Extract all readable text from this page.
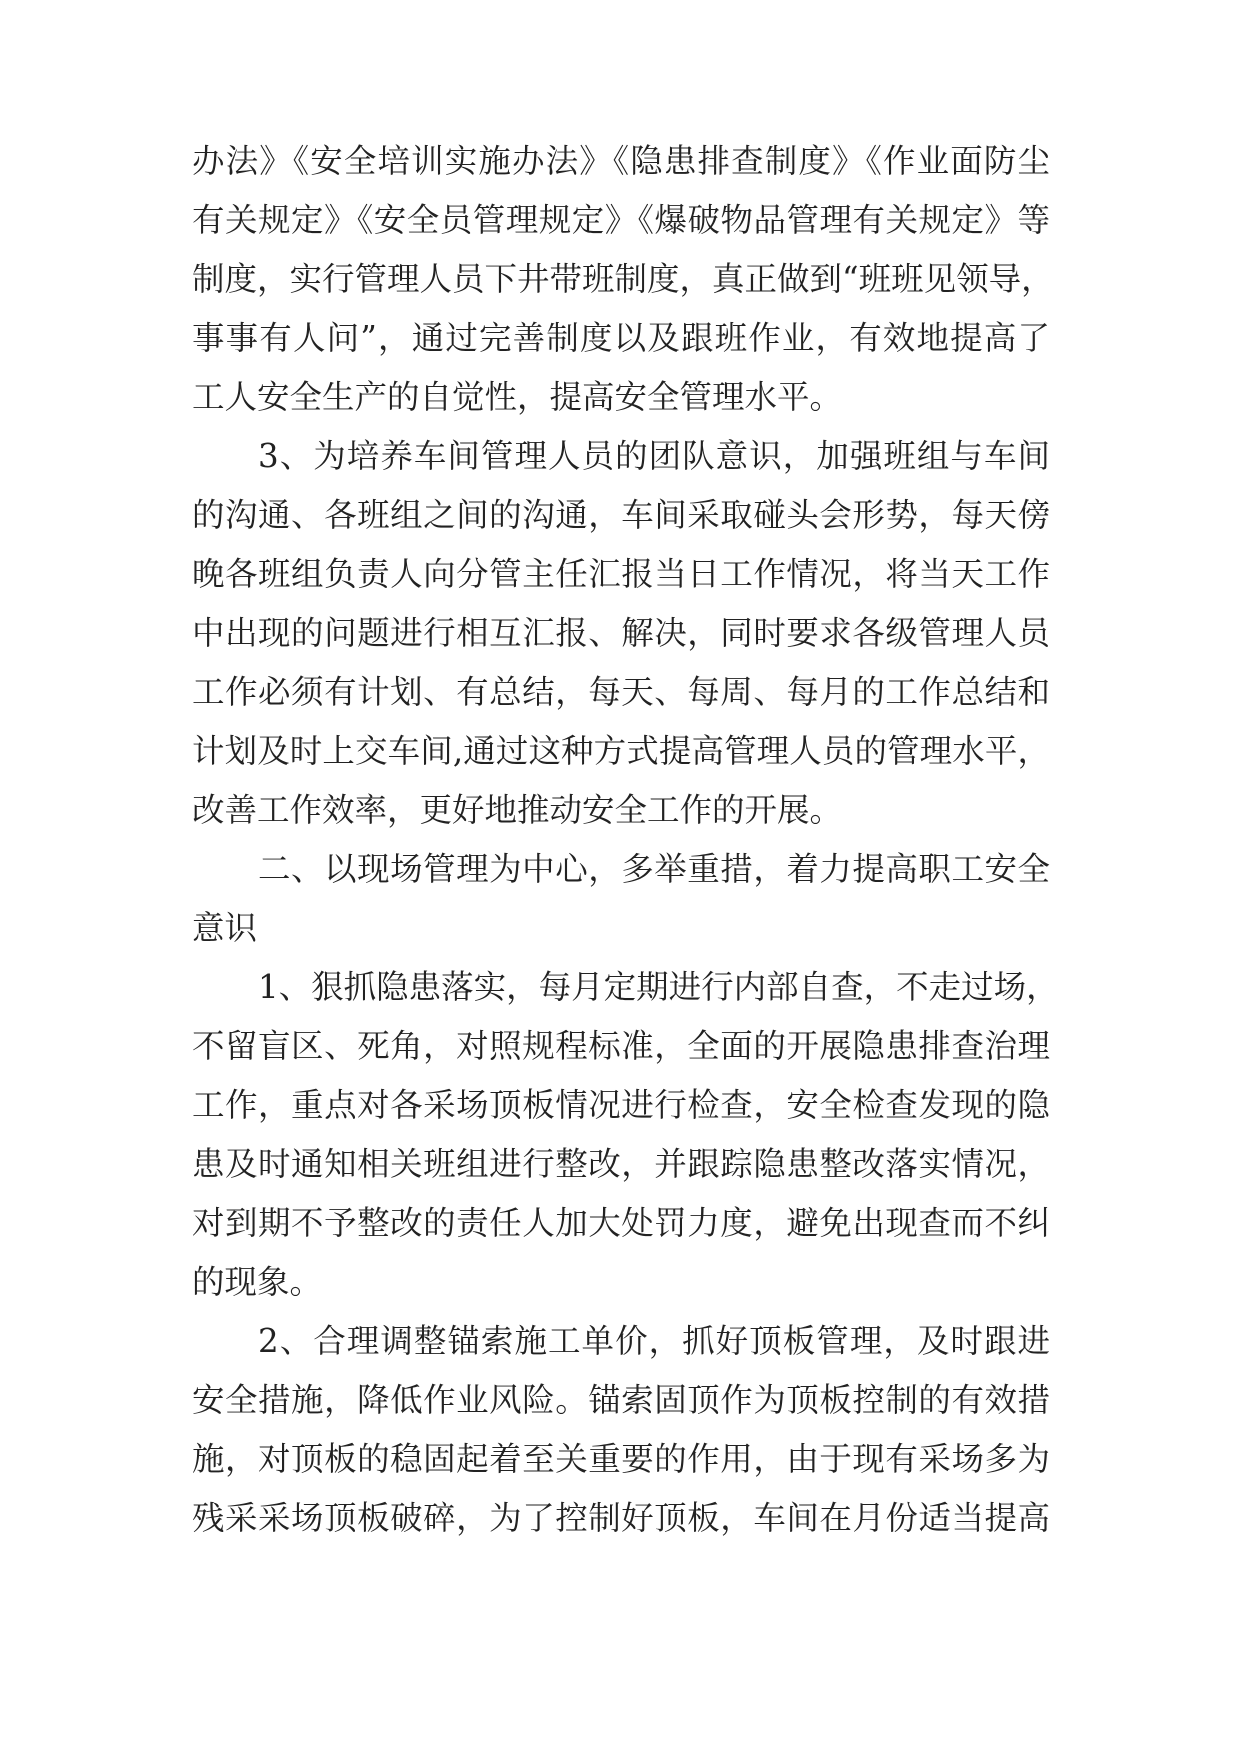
办法》《安全培训实施办法》《隐患排查制度》《作业面防尘
有关规定》《安全员管理规定》《爆破物品管理有关规定》等
制度，实行管理人员下井带班制度，真正做到“班班见领导，
事事有人问”，通过完善制度以及跟班作业，有效地提高了
工人安全生产的自觉性，提高安全管理水平。
3、为培养车间管理人员的团队意识，加强班组与车间
的沟通、各班组之间的沟通，车间采取碰头会形势，每天傍
晚各班组负责人向分管主任汇报当日工作情况，将当天工作
中出现的问题进行相互汇报、解决，同时要求各级管理人员
工作必须有计划、有总结，每天、每周、每月的工作总结和
计划及时上交车间,通过这种方式提高管理人员的管理水平，
改善工作效率，更好地推动安全工作的开展。
二、以现场管理为中心，多举重措，着力提高职工安全
意识
1、狠抓隐患落实，每月定期进行内部自查，不走过场，
不留盲区、死角，对照规程标准，全面的开展隐患排查治理
工作，重点对各采场顶板情况进行检查，安全检查发现的隐
患及时通知相关班组进行整改，并跟踪隐患整改落实情况，
对到期不予整改的责任人加大处罚力度，避免出现查而不纠
的现象。
2、合理调整锚索施工单价，抓好顶板管理，及时跟进
安全措施，降低作业风险。锚索固顶作为顶板控制的有效措
施，对顶板的稳固起着至关重要的作用，由于现有采场多为
残采采场顶板破碎，为了控制好顶板，车间在月份适当提高
